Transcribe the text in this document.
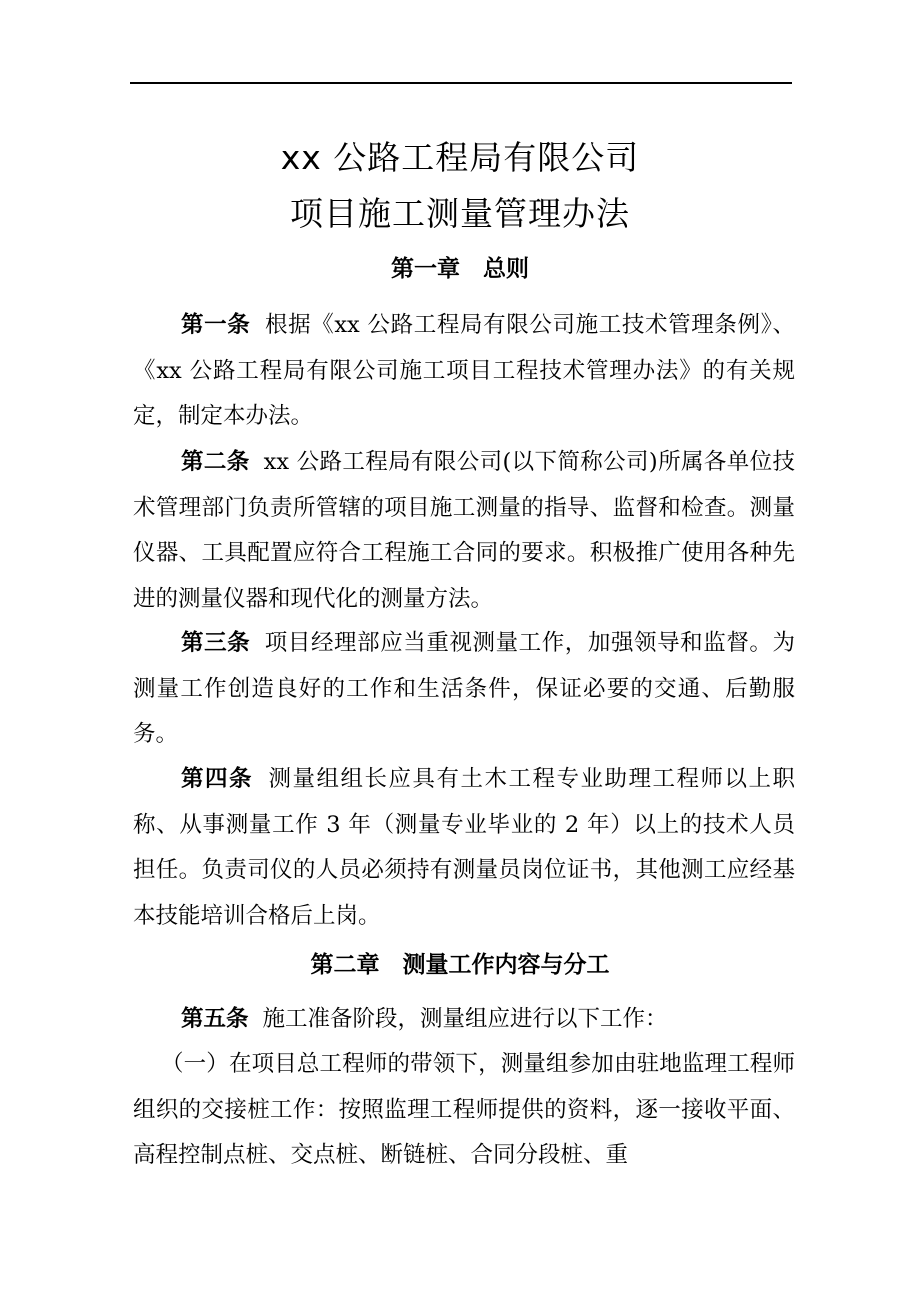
xx 公路工程局有限公司
项目施工测量管理办法
第一章　总则
第一条 根据《xx 公路工程局有限公司施工技术管理条例》、《xx 公路工程局有限公司施工项目工程技术管理办法》的有关规定，制定本办法。
第二条 xx 公路工程局有限公司(以下简称公司)所属各单位技术管理部门负责所管辖的项目施工测量的指导、监督和检查。测量仪器、工具配置应符合工程施工合同的要求。积极推广使用各种先进的测量仪器和现代化的测量方法。
第三条 项目经理部应当重视测量工作，加强领导和监督。为测量工作创造良好的工作和生活条件，保证必要的交通、后勤服务。
第四条 测量组组长应具有土木工程专业助理工程师以上职称、从事测量工作 3 年（测量专业毕业的 2 年）以上的技术人员担任。负责司仪的人员必须持有测量员岗位证书，其他测工应经基本技能培训合格后上岗。
第二章　测量工作内容与分工
第五条 施工准备阶段，测量组应进行以下工作：
（一）在项目总工程师的带领下，测量组参加由驻地监理工程师组织的交接桩工作：按照监理工程师提供的资料，逐一接收平面、高程控制点桩、交点桩、断链桩、合同分段桩、重
